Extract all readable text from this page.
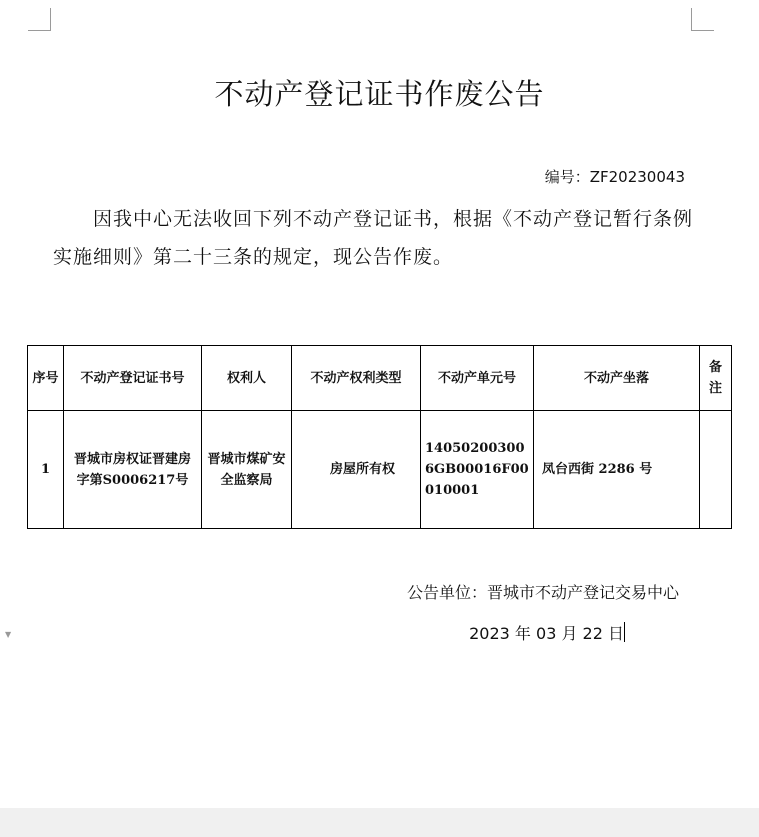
▼
不动产登记证书作废公告
编号：ZF20230043
因我中心无法收回下列不动产登记证书，根据《不动产登记暂行条例实施细则》第二十三条的规定，现公告作废。
序号	不动产登记证书号	权利人	不动产权利类型	不动产单元号	不动产坐落	备注
1	晋城市房权证晋建房字第S0006217号	晋城市煤矿安全监察局	房屋所有权	140502003006GB00016F00010001	凤台西街 2286 号	
公告单位：晋城市不动产登记交易中心
2023 年 03 月 22 日
